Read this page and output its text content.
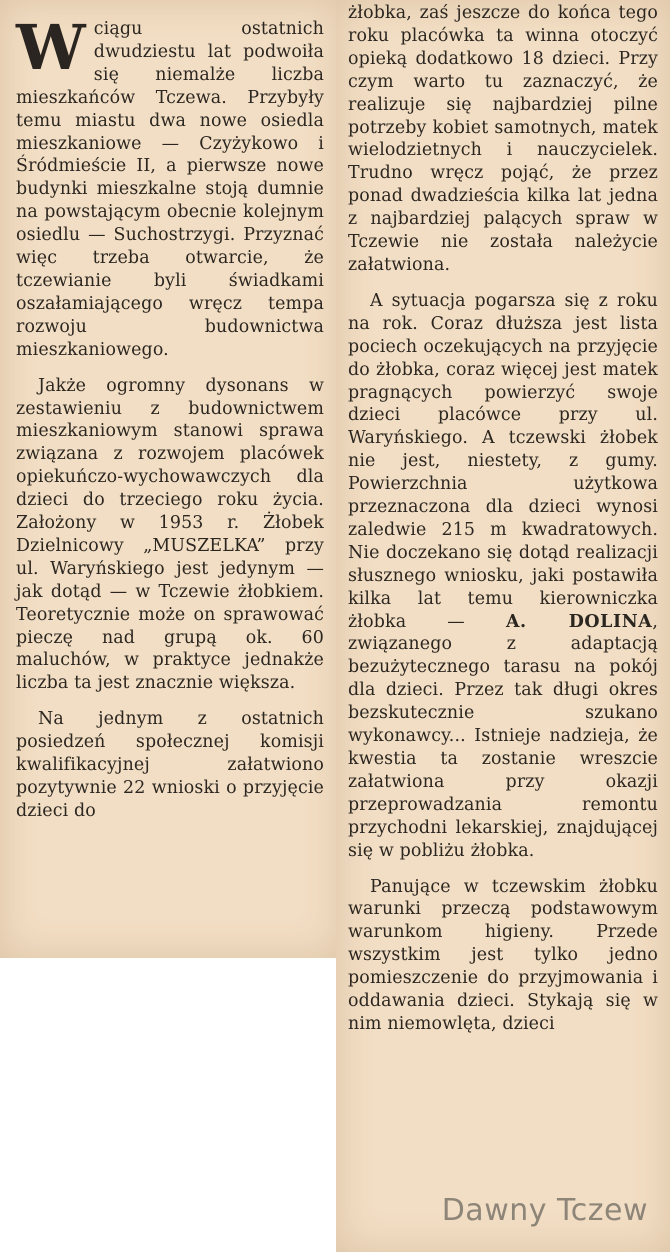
Wciągu ostatnich dwudziestu lat podwoiła się niemalże liczba mieszkańców Tczewa. Przybyły temu miastu dwa nowe osiedla mieszkaniowe — Czyżykowo i Śródmieście II, a pierwsze nowe budynki mieszkalne stoją dumnie na powstającym obecnie kolejnym osiedlu — Suchostrzygi. Przyznać więc trzeba otwarcie, że tczewianie byli świadkami oszałamiającego wręcz tempa rozwoju budownictwa mieszkaniowego.

Jakże ogromny dysonans w zestawieniu z budownictwem mieszkaniowym stanowi sprawa związana z rozwojem placówek opiekuńczo-wychowawczych dla dzieci do trzeciego roku życia. Założony w 1953 r. Żłobek Dzielnicowy „MUSZELKA” przy ul. Waryńskiego jest jedynym — jak dotąd — w Tczewie żłobkiem. Teoretycznie może on sprawować pieczę nad grupą ok. 60 maluchów, w praktyce jednakże liczba ta jest znacznie większa.

Na jednym z ostatnich posiedzeń społecznej komisji kwalifikacyjnej załatwiono pozytywnie 22 wnioski o przyjęcie dzieci do

żłobka, zaś jeszcze do końca tego roku placówka ta winna otoczyć opieką dodatkowo 18 dzieci. Przy czym warto tu zaznaczyć, że realizuje się najbardziej pilne potrzeby kobiet samotnych, matek wielodzietnych i nauczycielek. Trudno wręcz pojąć, że przez ponad dwadzieścia kilka lat jedna z najbardziej palących spraw w Tczewie nie została należycie załatwiona.

A sytuacja pogarsza się z roku na rok. Coraz dłuższa jest lista pociech oczekujących na przyjęcie do żłobka, coraz więcej jest matek pragnących powierzyć swoje dzieci placówce przy ul. Waryńskiego. A tczewski żłobek nie jest, niestety, z gumy. Powierzchnia użytkowa przeznaczona dla dzieci wynosi zaledwie 215 m kwadratowych. Nie doczekano się dotąd realizacji słusznego wniosku, jaki postawiła kilka lat temu kierowniczka żłobka — A. DOLINA, związanego z adaptacją bezużytecznego tarasu na pokój dla dzieci. Przez tak długi okres bezskutecznie szukano wykonawcy... Istnieje nadzieja, że kwestia ta zostanie wreszcie załatwiona przy okazji przeprowadzania remontu przychodni lekarskiej, znajdującej się w pobliżu żłobka.

Panujące w tczewskim żłobku warunki przeczą podstawowym warunkom higieny. Przede wszystkim jest tylko jedno pomieszczenie do przyjmowania i oddawania dzieci. Stykają się w nim niemowlęta, dzieci

Dawny Tczew
